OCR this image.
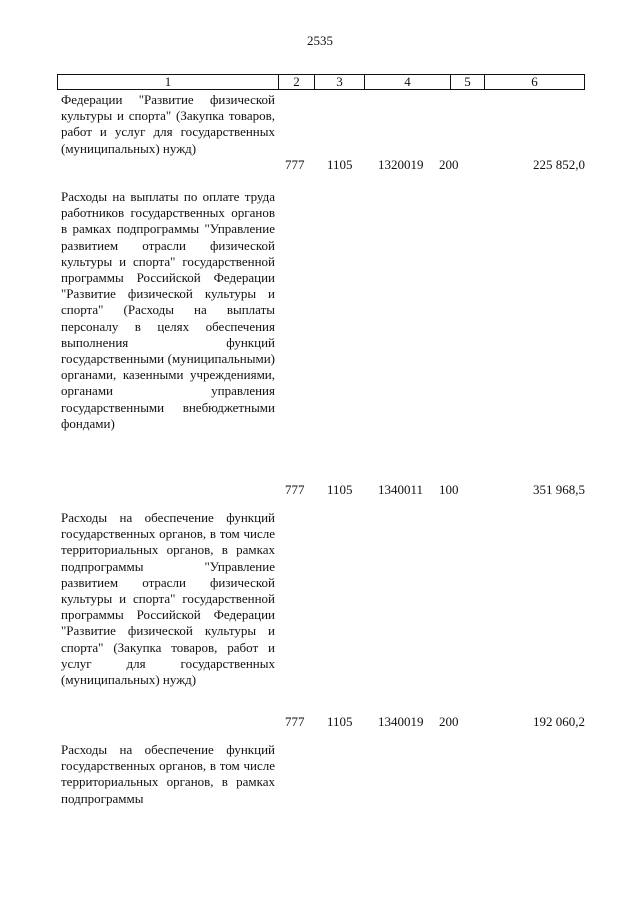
2535
1	2	3	4	5	6
Федерации "Развитие физической культуры и спорта" (Закупка товаров, работ и услуг для государственных (муниципальных) нужд)
777 1105 1320019 200	225 852,0
Расходы на выплаты по оплате труда работников государственных органов в рамках подпрограммы "Управление развитием отрасли физической культуры и спорта" государственной программы Российской Федерации "Развитие физической культуры и спорта" (Расходы на выплаты персоналу в целях обеспечения выполнения функций государственными (муниципальными) органами, казенными учреждениями, органами управления государственными внебюджетными фондами)
777 1105 1340011 100	351 968,5
Расходы на обеспечение функций государственных органов, в том числе территориальных органов, в рамках подпрограммы "Управление развитием отрасли физической культуры и спорта" государственной программы Российской Федерации "Развитие физической культуры и спорта" (Закупка товаров, работ и услуг для государственных (муниципальных) нужд)
777 1105 1340019 200	192 060,2
Расходы на обеспечение функций государственных органов, в том числе территориальных органов, в рамках подпрограммы
